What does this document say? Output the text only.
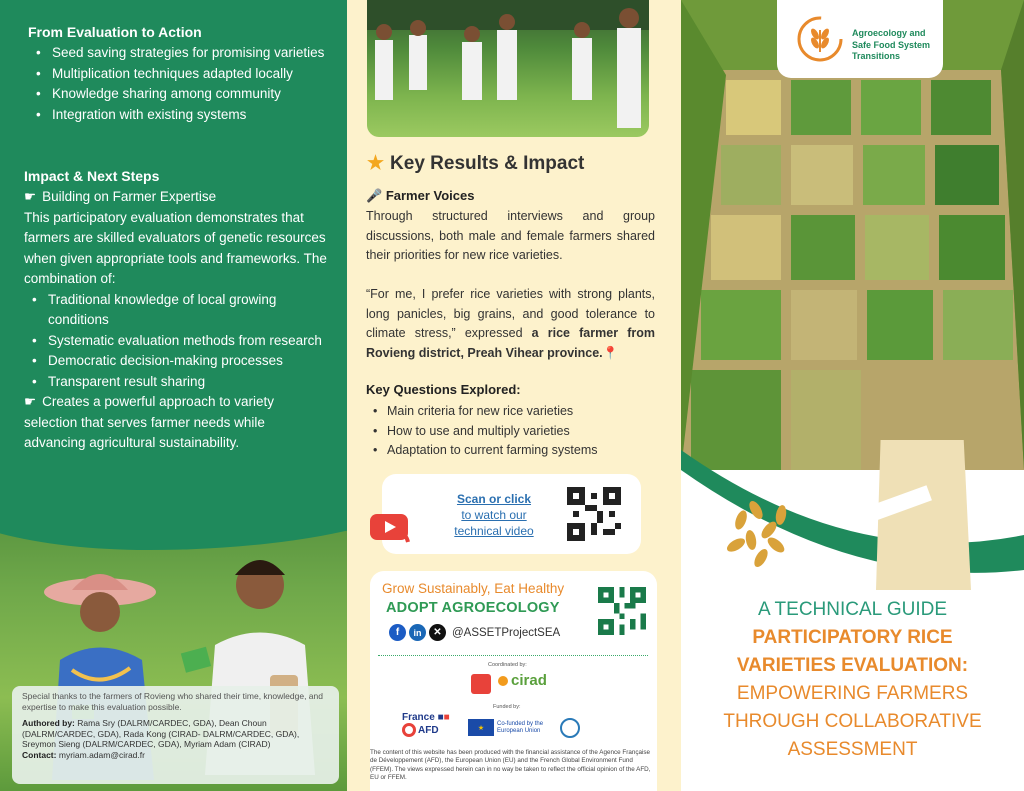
From Evaluation to Action
• Seed saving strategies for promising varieties
• Multiplication techniques adapted locally
• Knowledge sharing among community
• Integration with existing systems
Impact & Next Steps
☛ Building on Farmer Expertise

This participatory evaluation demonstrates that farmers are skilled evaluators of genetic resources when given appropriate tools and frameworks. The combination of:

• Traditional knowledge of local growing conditions
• Systematic evaluation methods from research
• Democratic decision-making processes
• Transparent result sharing
☛ Creates a powerful approach to variety selection that serves farmer needs while advancing agricultural sustainability.
Special thanks to the farmers of Rovieng who shared their time, knowledge, and expertise to make this evaluation possible.
Authored by: Rama Sry (DALRM/CARDEC, GDA), Dean Choun (DALRM/CARDEC, GDA), Rada Kong (CIRAD- DALRM/CARDEC, GDA), Sreymon Sieng (DALRM/CARDEC, GDA), Myriam Adam (CIRAD)
Contact: myriam.adam@cirad.fr
★ Key Results & Impact
🎤 Farmer Voices
Through structured interviews and group discussions, both male and female farmers shared their priorities for new rice varieties.
“For me, I prefer rice varieties with strong plants, long panicles, big grains, and good tolerance to climate stress,” expressed a rice farmer from Rovieng district, Preah Vihear province.📍
Key Questions Explored:
• Main criteria for new rice varieties
• How to use and multiply varieties
• Adaptation to current farming systems
Scan or click
to watch our
technical video
Grow Sustainably, Eat Healthy
ADOPT AGROECOLOGY
f	in	✕ @ASSETProjectSEA
Coordinated by:
cirad
Funded by:
France ■■
AFD	★
Co-funded by the European Union
The content of this website has been produced with the financial assistance of the Agence Française de Développement (AFD), the European Union (EU) and the French Global Environment Fund (FFEM). The views expressed herein can in no way be taken to reflect the official opinion of the AFD, EU or FFEM.
Agroecology and
Safe Food System
Transitions
A TECHNICAL GUIDE
PARTICIPATORY RICE
VARIETIES EVALUATION:
EMPOWERING FARMERS
THROUGH COLLABORATIVE
ASSESSMENT
